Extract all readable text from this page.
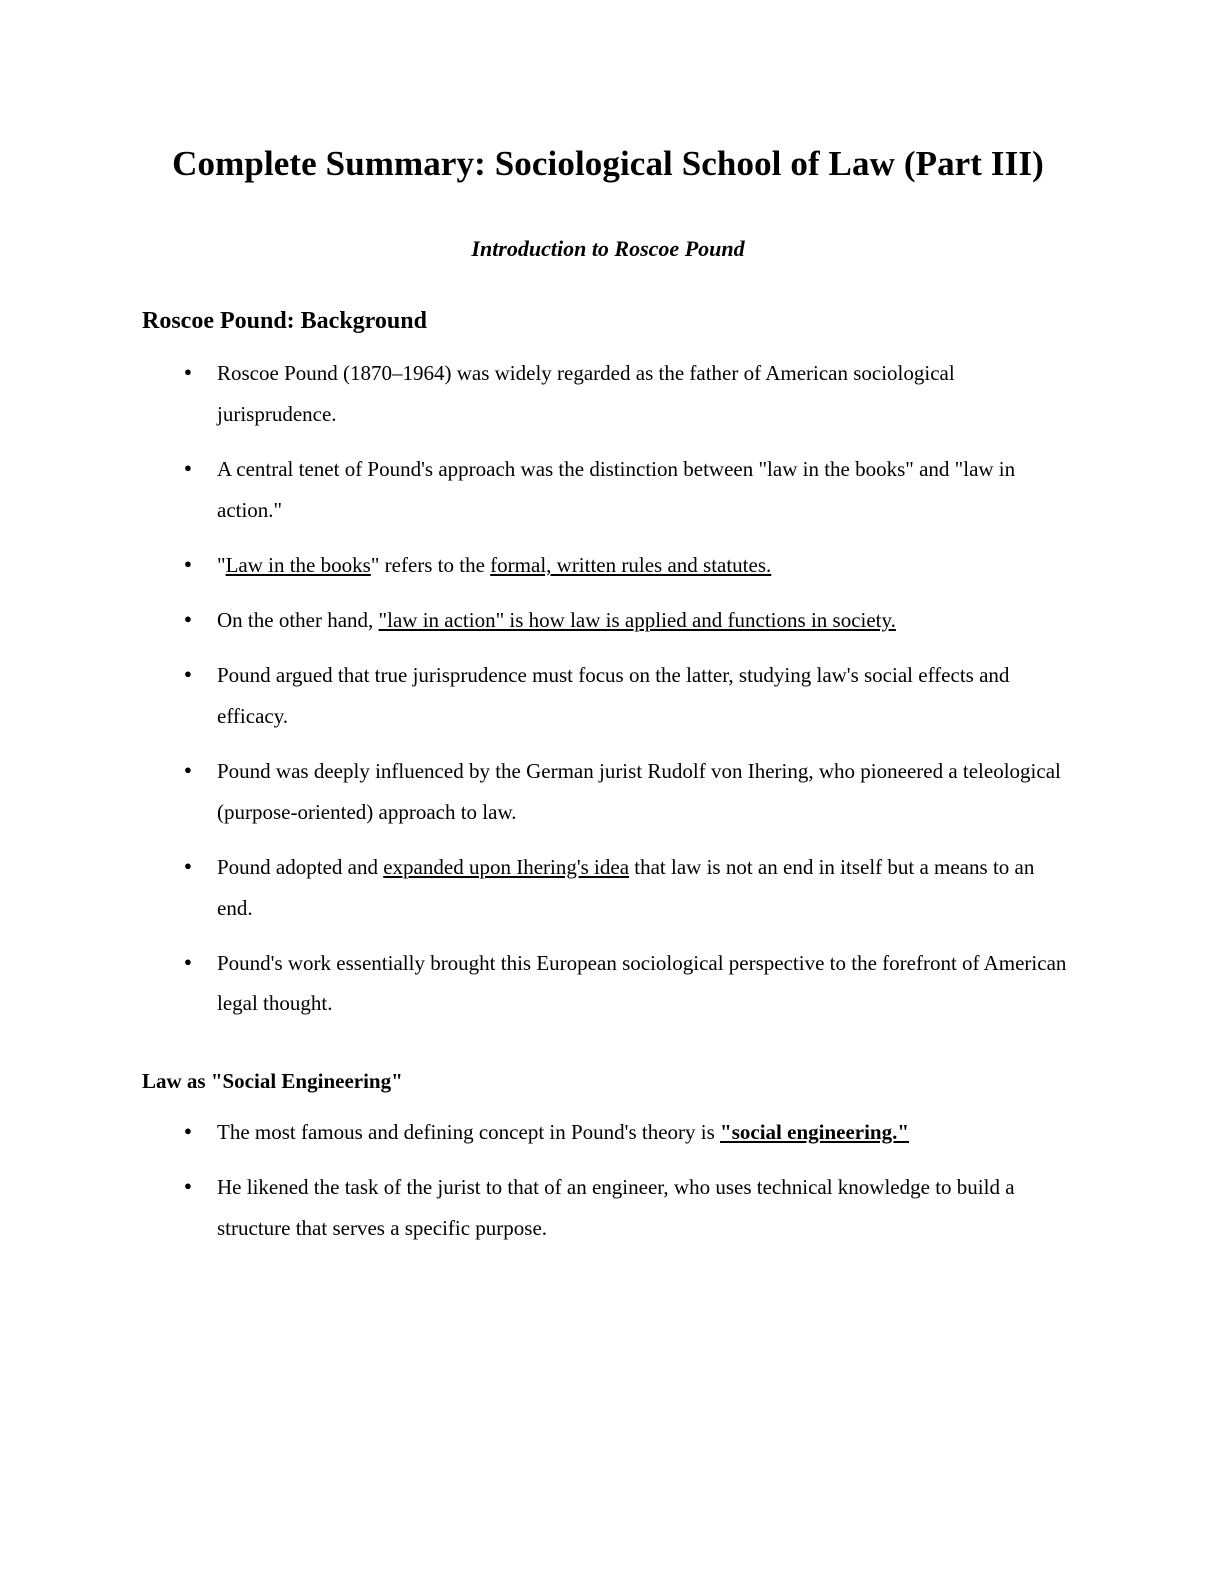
Complete Summary: Sociological School of Law (Part III)
Introduction to Roscoe Pound
Roscoe Pound: Background
● Roscoe Pound (1870–1964) was widely regarded as the father of American sociological jurisprudence.
● A central tenet of Pound's approach was the distinction between "law in the books" and "law in action."
● "Law in the books" refers to the formal, written rules and statutes.
● On the other hand, "law in action" is how law is applied and functions in society.
● Pound argued that true jurisprudence must focus on the latter, studying law's social effects and efficacy.
● Pound was deeply influenced by the German jurist Rudolf von Ihering, who pioneered a teleological (purpose-oriented) approach to law.
● Pound adopted and expanded upon Ihering's idea that law is not an end in itself but a means to an end.
● Pound's work essentially brought this European sociological perspective to the forefront of American legal thought.
Law as "Social Engineering"
● The most famous and defining concept in Pound's theory is "social engineering."
● He likened the task of the jurist to that of an engineer, who uses technical knowledge to build a structure that serves a specific purpose.
